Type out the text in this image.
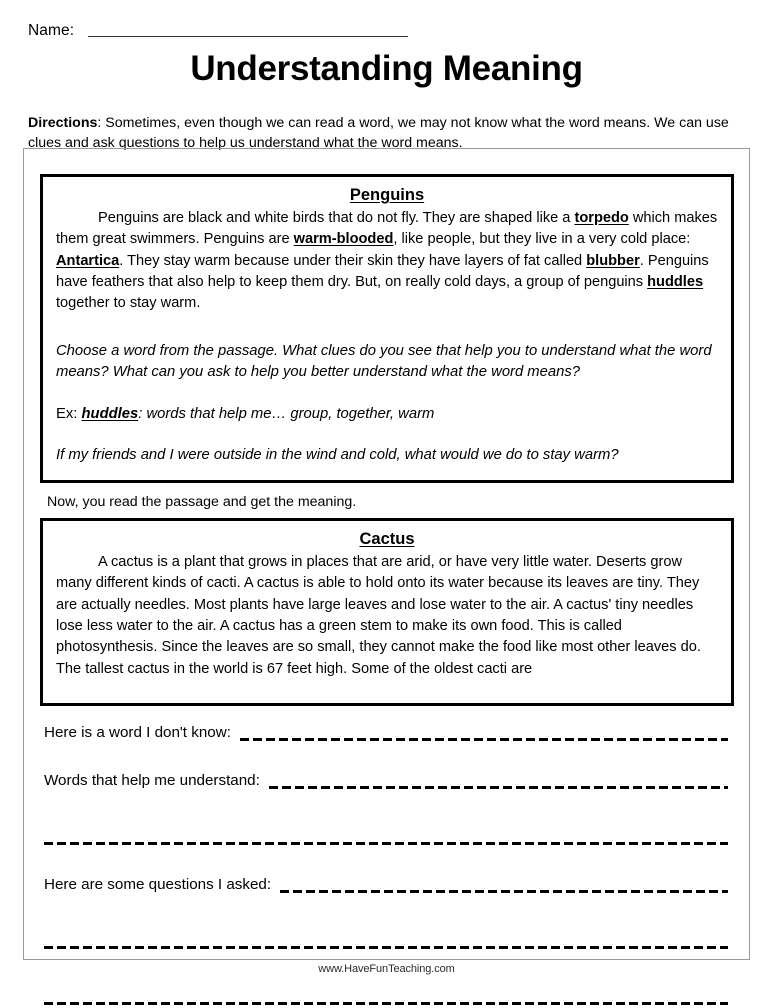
Name:
Understanding Meaning
Directions: Sometimes, even though we can read a word, we may not know what the word means. We can use clues and ask questions to help us understand what the word means.
Penguins

Penguins are black and white birds that do not fly. They are shaped like a torpedo which makes them great swimmers. Penguins are warm-blooded, like people, but they live in a very cold place: Antartica. They stay warm because under their skin they have layers of fat called blubber. Penguins have feathers that also help to keep them dry. But, on really cold days, a group of penguins huddles together to stay warm.

Choose a word from the passage. What clues do you see that help you to understand what the word means? What can you ask to help you better understand what the word means?

Ex: huddles: words that help me… group, together, warm

If my friends and I were outside in the wind and cold, what would we do to stay warm?

Now, you read the passage and get the meaning.
Cactus

A cactus is a plant that grows in places that are arid, or have very little water. Deserts grow many different kinds of cacti. A cactus is able to hold onto its water because its leaves are tiny. They are actually needles. Most plants have large leaves and lose water to the air. A cactus' tiny needles lose less water to the air. A cactus has a green stem to make its own food. This is called photosynthesis. Since the leaves are so small, they cannot make the food like most other leaves do. The tallest cactus in the world is 67 feet high. Some of the oldest cacti are

Here is a word I don't know:
Words that help me understand:
Here are some questions I asked:
www.HaveFunTeaching.com
